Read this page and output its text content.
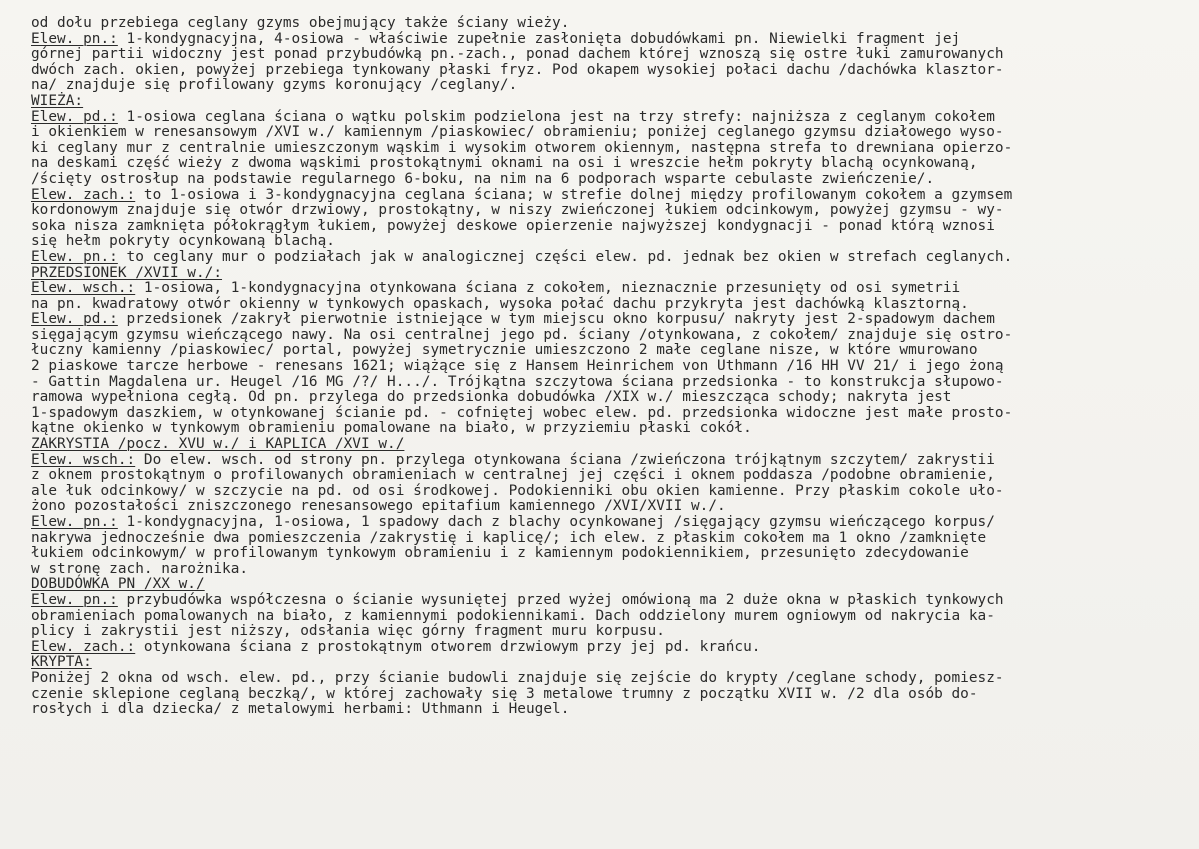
od dołu przebiega ceglany gzyms obejmujący także ściany wieży.
Elew. pn.: 1-kondygnacyjna, 4-osiowa - właściwie zupełnie zasłonięta dobudówkami pn. Niewielki fragment jej
górnej partii widoczny jest ponad przybudówką pn.-zach., ponad dachem której wznoszą się ostre łuki zamurowanych
dwóch zach. okien, powyżej przebiega tynkowany płaski fryz. Pod okapem wysokiej połaci dachu /dachówka klasztor-
na/ znajduje się profilowany gzyms koronujący /ceglany/.
WIEŻA:
Elew. pd.: 1-osiowa ceglana ściana o wątku polskim podzielona jest na trzy strefy: najniższa z ceglanym cokołem
i okienkiem w renesansowym /XVI w./ kamiennym /piaskowiec/ obramieniu; poniżej ceglanego gzymsu działowego wyso-
ki ceglany mur z centralnie umieszczonym wąskim i wysokim otworem okiennym, następna strefa to drewniana opierzo-
na deskami część wieży z dwoma wąskimi prostokątnymi oknami na osi i wreszcie hełm pokryty blachą ocynkowaną,
/ścięty ostrosłup na podstawie regularnego 6-boku, na nim na 6 podporach wsparte cebulaste zwieńczenie/.
Elew. zach.: to 1-osiowa i 3-kondygnacyjna ceglana ściana; w strefie dolnej między profilowanym cokołem a gzymsem
kordonowym znajduje się otwór drzwiowy, prostokątny, w niszy zwieńczonej łukiem odcinkowym, powyżej gzymsu - wy-
soka nisza zamknięta półokrągłym łukiem, powyżej deskowe opierzenie najwyższej kondygnacji - ponad którą wznosi
się hełm pokryty ocynkowaną blachą.
Elew. pn.: to ceglany mur o podziałach jak w analogicznej części elew. pd. jednak bez okien w strefach ceglanych.
PRZEDSIONEK /XVII w./:
Elew. wsch.: 1-osiowa, 1-kondygnacyjna otynkowana ściana z cokołem, nieznacznie przesunięty od osi symetrii
na pn. kwadratowy otwór okienny w tynkowych opaskach, wysoka połać dachu przykryta jest dachówką klasztorną.
Elew. pd.: przedsionek /zakrył pierwotnie istniejące w tym miejscu okno korpusu/ nakryty jest 2-spadowym dachem
sięgającym gzymsu wieńczącego nawy. Na osi centralnej jego pd. ściany /otynkowana, z cokołem/ znajduje się ostro-
łuczny kamienny /piaskowiec/ portal, powyżej symetrycznie umieszczono 2 małe ceglane nisze, w które wmurowano
2 piaskowe tarcze herbowe - renesans 1621; wiążące się z Hansem Heinrichem von Uthmann /16 HH VV 21/ i jego żoną
- Gattin Magdalena ur. Heugel /16 MG /?/ H.../. Trójkątna szczytowa ściana przedsionka - to konstrukcja słupowo-
ramowa wypełniona cegłą. Od pn. przylega do przedsionka dobudówka /XIX w./ mieszcząca schody; nakryta jest
1-spadowym daszkiem, w otynkowanej ścianie pd. - cofniętej wobec elew. pd. przedsionka widoczne jest małe prosto-
kątne okienko w tynkowym obramieniu pomalowane na biało, w przyziemiu płaski cokół.
ZAKRYSTIA /pocz. XVU w./ i KAPLICA /XVI w./
Elew. wsch.: Do elew. wsch. od strony pn. przylega otynkowana ściana /zwieńczona trójkątnym szczytem/ zakrystii
z oknem prostokątnym o profilowanych obramieniach w centralnej jej części i oknem poddasza /podobne obramienie,
ale łuk odcinkowy/ w szczycie na pd. od osi środkowej. Podokienniki obu okien kamienne. Przy płaskim cokole uło-
żono pozostałości zniszczonego renesansowego epitafium kamiennego /XVI/XVII w./.
Elew. pn.: 1-kondygnacyjna, 1-osiowa, 1 spadowy dach z blachy ocynkowanej /sięgający gzymsu wieńczącego korpus/
nakrywa jednocześnie dwa pomieszczenia /zakrystię i kaplicę/; ich elew. z płaskim cokołem ma 1 okno /zamknięte
łukiem odcinkowym/ w profilowanym tynkowym obramieniu i z kamiennym podokiennikiem, przesunięto zdecydowanie
w stronę zach. narożnika.
DOBUDÓWKA PN /XX w./
Elew. pn.: przybudówka współczesna o ścianie wysuniętej przed wyżej omówioną ma 2 duże okna w płaskich tynkowych
obramieniach pomalowanych na biało, z kamiennymi podokiennikami. Dach oddzielony murem ogniowym od nakrycia ka-
plicy i zakrystii jest niższy, odsłania więc górny fragment muru korpusu.
Elew. zach.: otynkowana ściana z prostokątnym otworem drzwiowym przy jej pd. krańcu.
KRYPTA:
Poniżej 2 okna od wsch. elew. pd., przy ścianie budowli znajduje się zejście do krypty /ceglane schody, pomiesz-
czenie sklepione ceglaną beczką/, w której zachowały się 3 metalowe trumny z początku XVII w. /2 dla osób do-
rosłych i dla dziecka/ z metalowymi herbami: Uthmann i Heugel.
